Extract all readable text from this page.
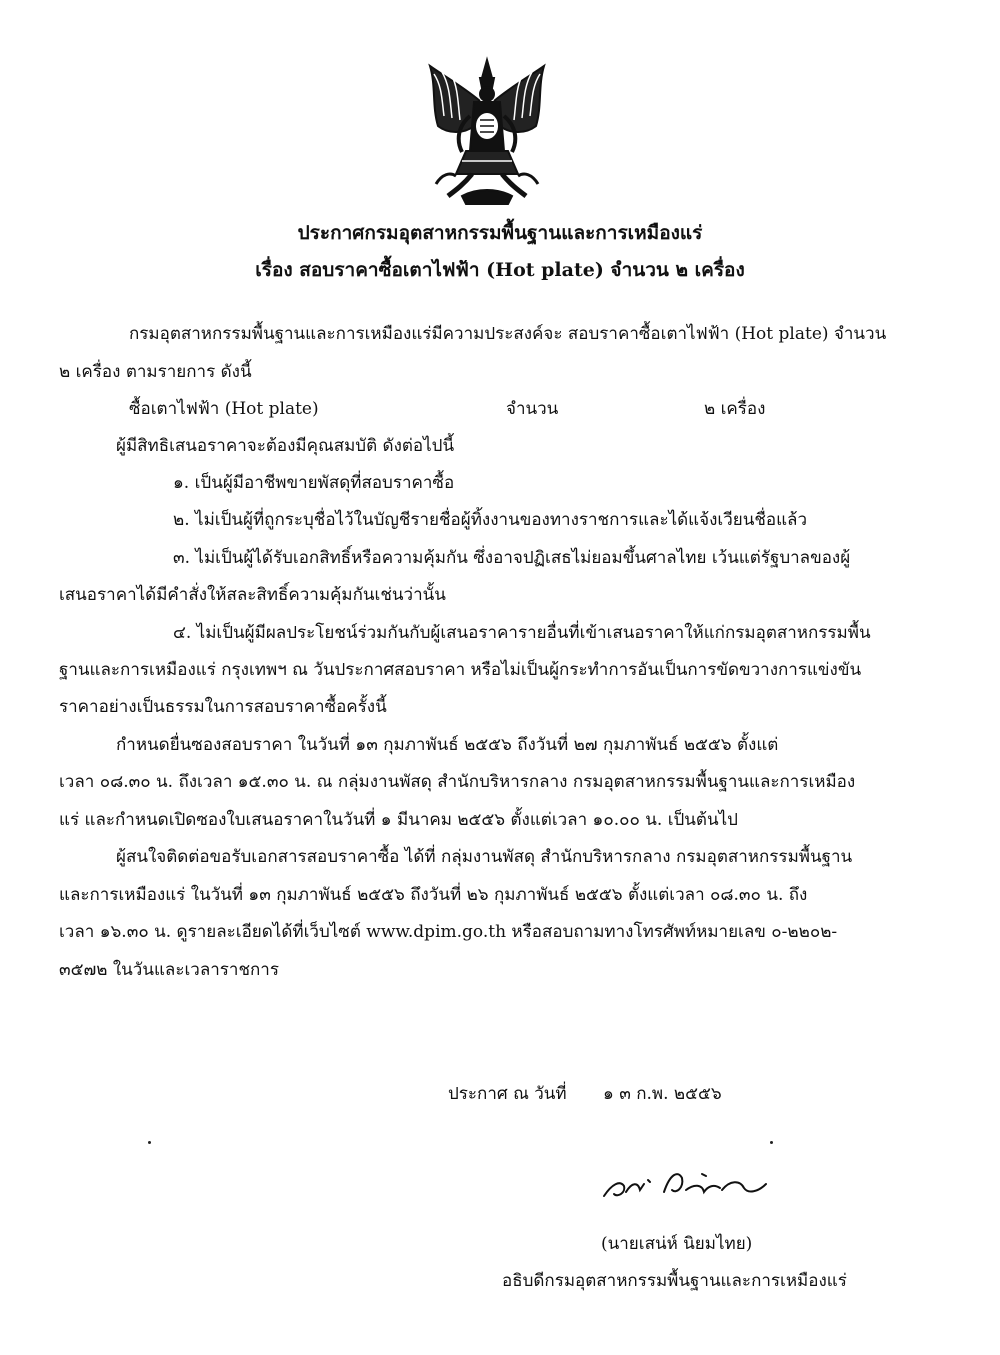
ประกาศกรมอุตสาหกรรมพื้นฐานและการเหมืองแร่
เรื่อง สอบราคาซื้อเตาไฟฟ้า (Hot plate) จำนวน ๒ เครื่อง
กรมอุตสาหกรรมพื้นฐานและการเหมืองแร่มีความประสงค์จะ สอบราคาซื้อเตาไฟฟ้า (Hot plate) จำนวน
๒ เครื่อง ตามรายการ ดังนี้
ซื้อเตาไฟฟ้า (Hot plate)	จำนวน	๒ เครื่อง
ผู้มีสิทธิเสนอราคาจะต้องมีคุณสมบัติ ดังต่อไปนี้
๑. เป็นผู้มีอาชีพขายพัสดุที่สอบราคาซื้อ
๒. ไม่เป็นผู้ที่ถูกระบุชื่อไว้ในบัญชีรายชื่อผู้ทิ้งงานของทางราชการและได้แจ้งเวียนชื่อแล้ว
๓. ไม่เป็นผู้ได้รับเอกสิทธิ์หรือความคุ้มกัน ซึ่งอาจปฏิเสธไม่ยอมขึ้นศาลไทย เว้นแต่รัฐบาลของผู้
เสนอราคาได้มีคำสั่งให้สละสิทธิ์ความคุ้มกันเช่นว่านั้น
๔. ไม่เป็นผู้มีผลประโยชน์ร่วมกันกับผู้เสนอราคารายอื่นที่เข้าเสนอราคาให้แก่กรมอุตสาหกรรมพื้น
ฐานและการเหมืองแร่ กรุงเทพฯ ณ วันประกาศสอบราคา หรือไม่เป็นผู้กระทำการอันเป็นการขัดขวางการแข่งขัน
ราคาอย่างเป็นธรรมในการสอบราคาซื้อครั้งนี้
กำหนดยื่นซองสอบราคา ในวันที่ ๑๓ กุมภาพันธ์ ๒๕๕๖ ถึงวันที่ ๒๗ กุมภาพันธ์ ๒๕๕๖ ตั้งแต่
เวลา ๐๘.๓๐ น. ถึงเวลา ๑๕.๓๐ น. ณ กลุ่มงานพัสดุ สำนักบริหารกลาง กรมอุตสาหกรรมพื้นฐานและการเหมือง
แร่ และกำหนดเปิดซองใบเสนอราคาในวันที่ ๑ มีนาคม ๒๕๕๖ ตั้งแต่เวลา ๑๐.๐๐ น. เป็นต้นไป
ผู้สนใจติดต่อขอรับเอกสารสอบราคาซื้อ ได้ที่ กลุ่มงานพัสดุ สำนักบริหารกลาง กรมอุตสาหกรรมพื้นฐาน
และการเหมืองแร่ ในวันที่ ๑๓ กุมภาพันธ์ ๒๕๕๖ ถึงวันที่ ๒๖ กุมภาพันธ์ ๒๕๕๖ ตั้งแต่เวลา ๐๘.๓๐ น. ถึง
เวลา ๑๖.๓๐ น. ดูรายละเอียดได้ที่เว็บไซต์ www.dpim.go.th หรือสอบถามทางโทรศัพท์หมายเลข ๐-๒๒๐๒-
๓๕๗๒ ในวันและเวลาราชการ
ประกาศ ณ วันที่ ๑ ๓ ก.พ. ๒๕๕๖
(นายเสน่ห์ นิยมไทย)
อธิบดีกรมอุตสาหกรรมพื้นฐานและการเหมืองแร่
